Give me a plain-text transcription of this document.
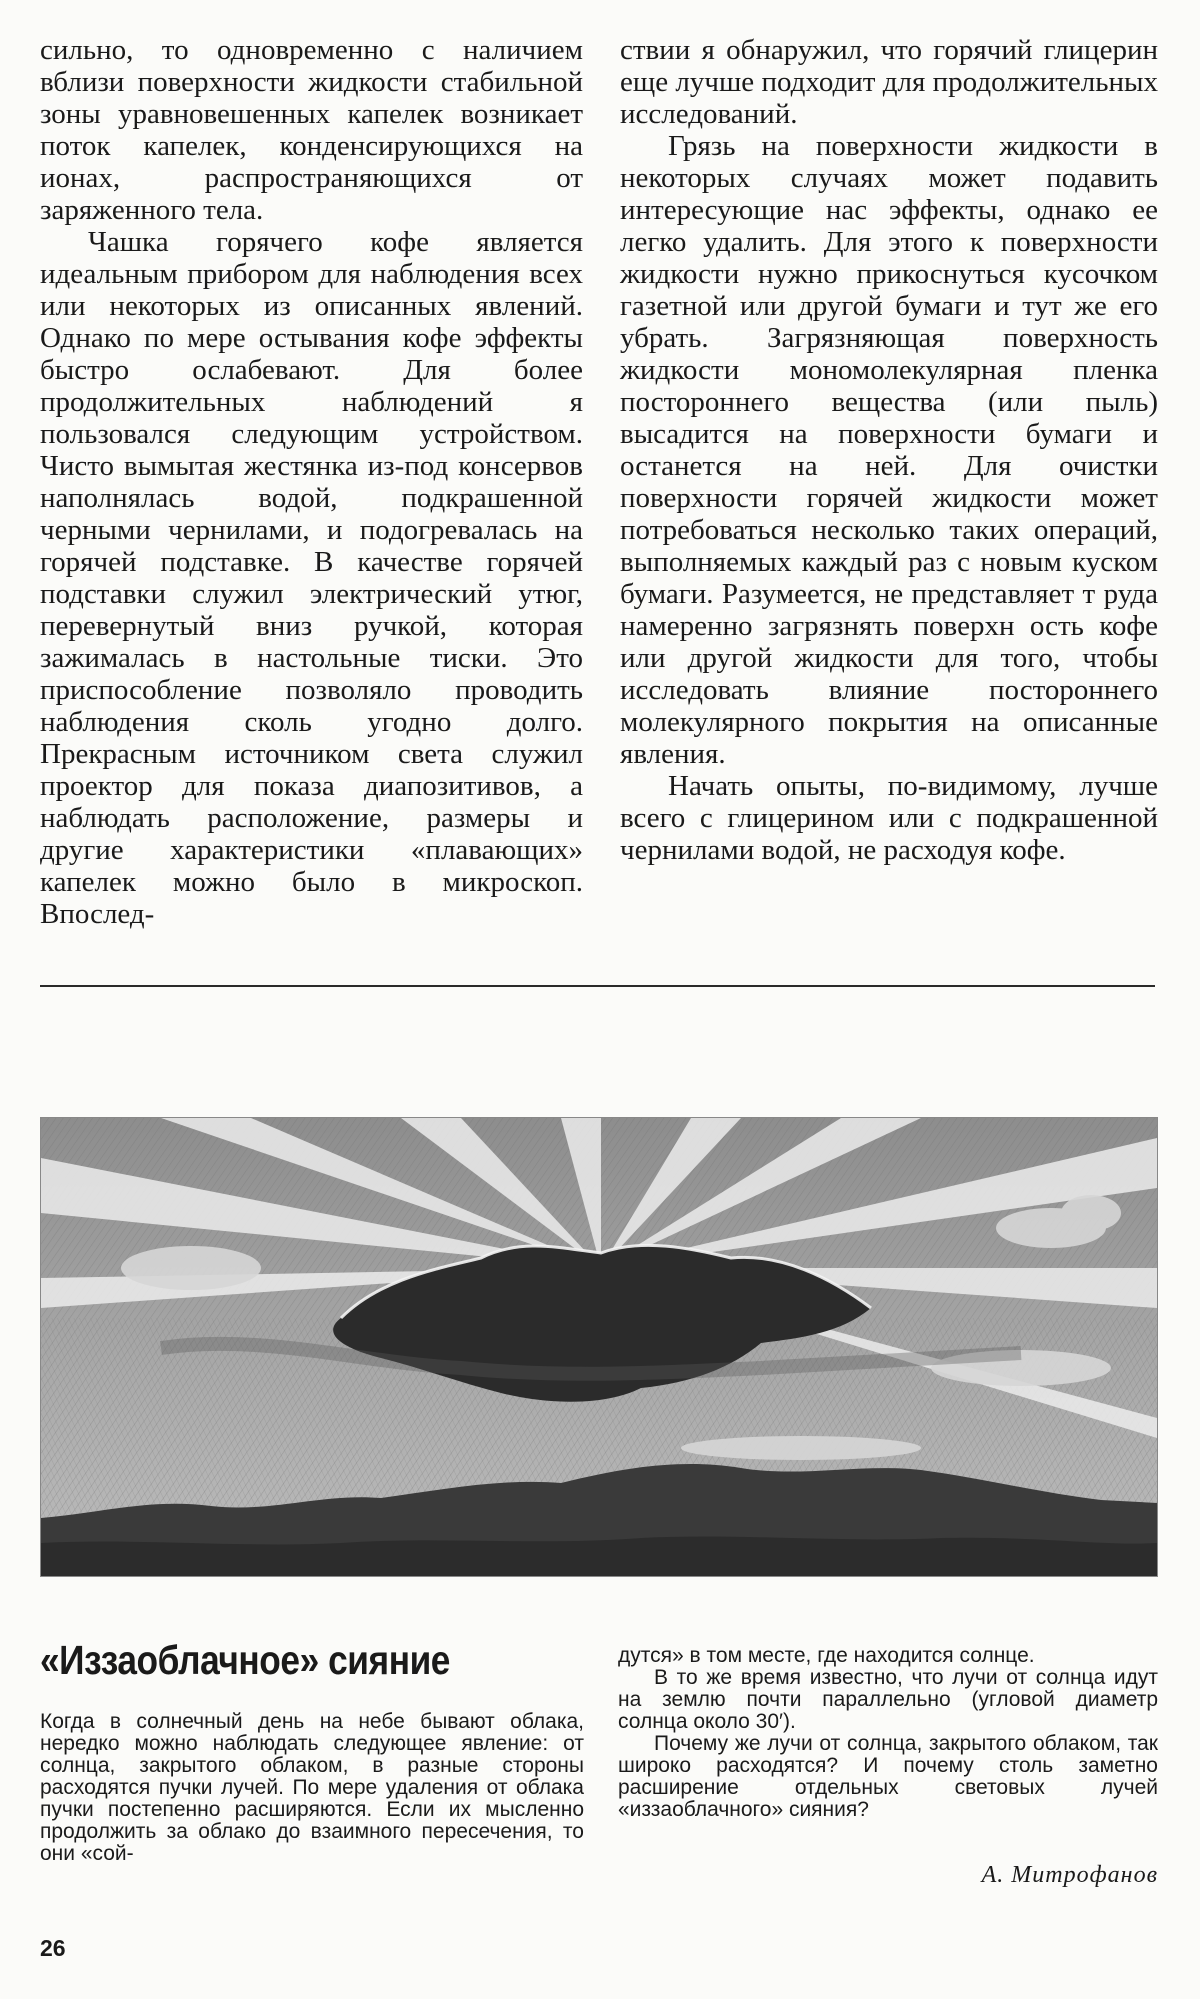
сильно, то одновременно с наличием вблизи поверхности жидкости стабильной зоны уравновешенных капелек возникает поток капелек, конденсирующихся на ионах, распространяющихся от заряженного тела.

Чашка горячего кофе является идеальным прибором для наблюдения всех или некоторых из описанных явлений. Однако по мере остывания кофе эффекты быстро ослабевают. Для более продолжительных наблюдений я пользовался следующим устройством. Чисто вымытая жестянка из-под консервов наполнялась водой, подкрашенной черными чернилами, и подогревалась на горячей подставке. В качестве горячей подставки служил электрический утюг, перевернутый вниз ручкой, которая зажималась в настольные тиски. Это приспособление позволяло проводить наблюдения сколь угодно долго. Прекрасным источником света служил проектор для показа диапозитивов, а наблюдать расположение, размеры и другие характеристики «плавающих» капелек можно было в микроскоп. Впослед-

ствии я обнаружил, что горячий глицерин еще лучше подходит для продолжительных исследований.

Грязь на поверхности жидкости в некоторых случаях может подавить интересующие нас эффекты, однако ее легко удалить. Для этого к поверхности жидкости нужно прикоснуться кусочком газетной или другой бумаги и тут же его убрать. Загрязняющая поверхность жидкости мономолекулярная пленка постороннего вещества (или пыль) высадится на поверхности бумаги и останется на ней. Для очистки поверхности горячей жидкости может потребоваться несколько таких операций, выполняемых каждый раз с новым куском бумаги. Разумеется, не представляет т руда намеренно загрязнять поверхн ость кофе или другой жидкости для того, чтобы исследовать влияние постороннего молекулярного покрытия на описанные явления.

Начать опыты, по-видимому, лучше всего с глицерином или с подкрашенной чернилами водой, не расходуя кофе.

«Иззаоблачное» сияние

Когда в солнечный день на небе бывают облака, нередко можно наблюдать следующее явление: от солнца, закрытого облаком, в разные стороны расходятся пучки лучей. По мере удаления от облака пучки постепенно расширяются. Если их мысленно продолжить за облако до взаимного пересечения, то они «сой-

дутся» в том месте, где находится солнце.

В то же время известно, что лучи от солнца идут на землю почти параллельно (угловой диаметр солнца около 30′).

Почему же лучи от солнца, закрытого облаком, так широко расходятся? И почему столь заметно расширение отдельных световых лучей «иззаоблачного» сияния?

А. Митрофанов
26
